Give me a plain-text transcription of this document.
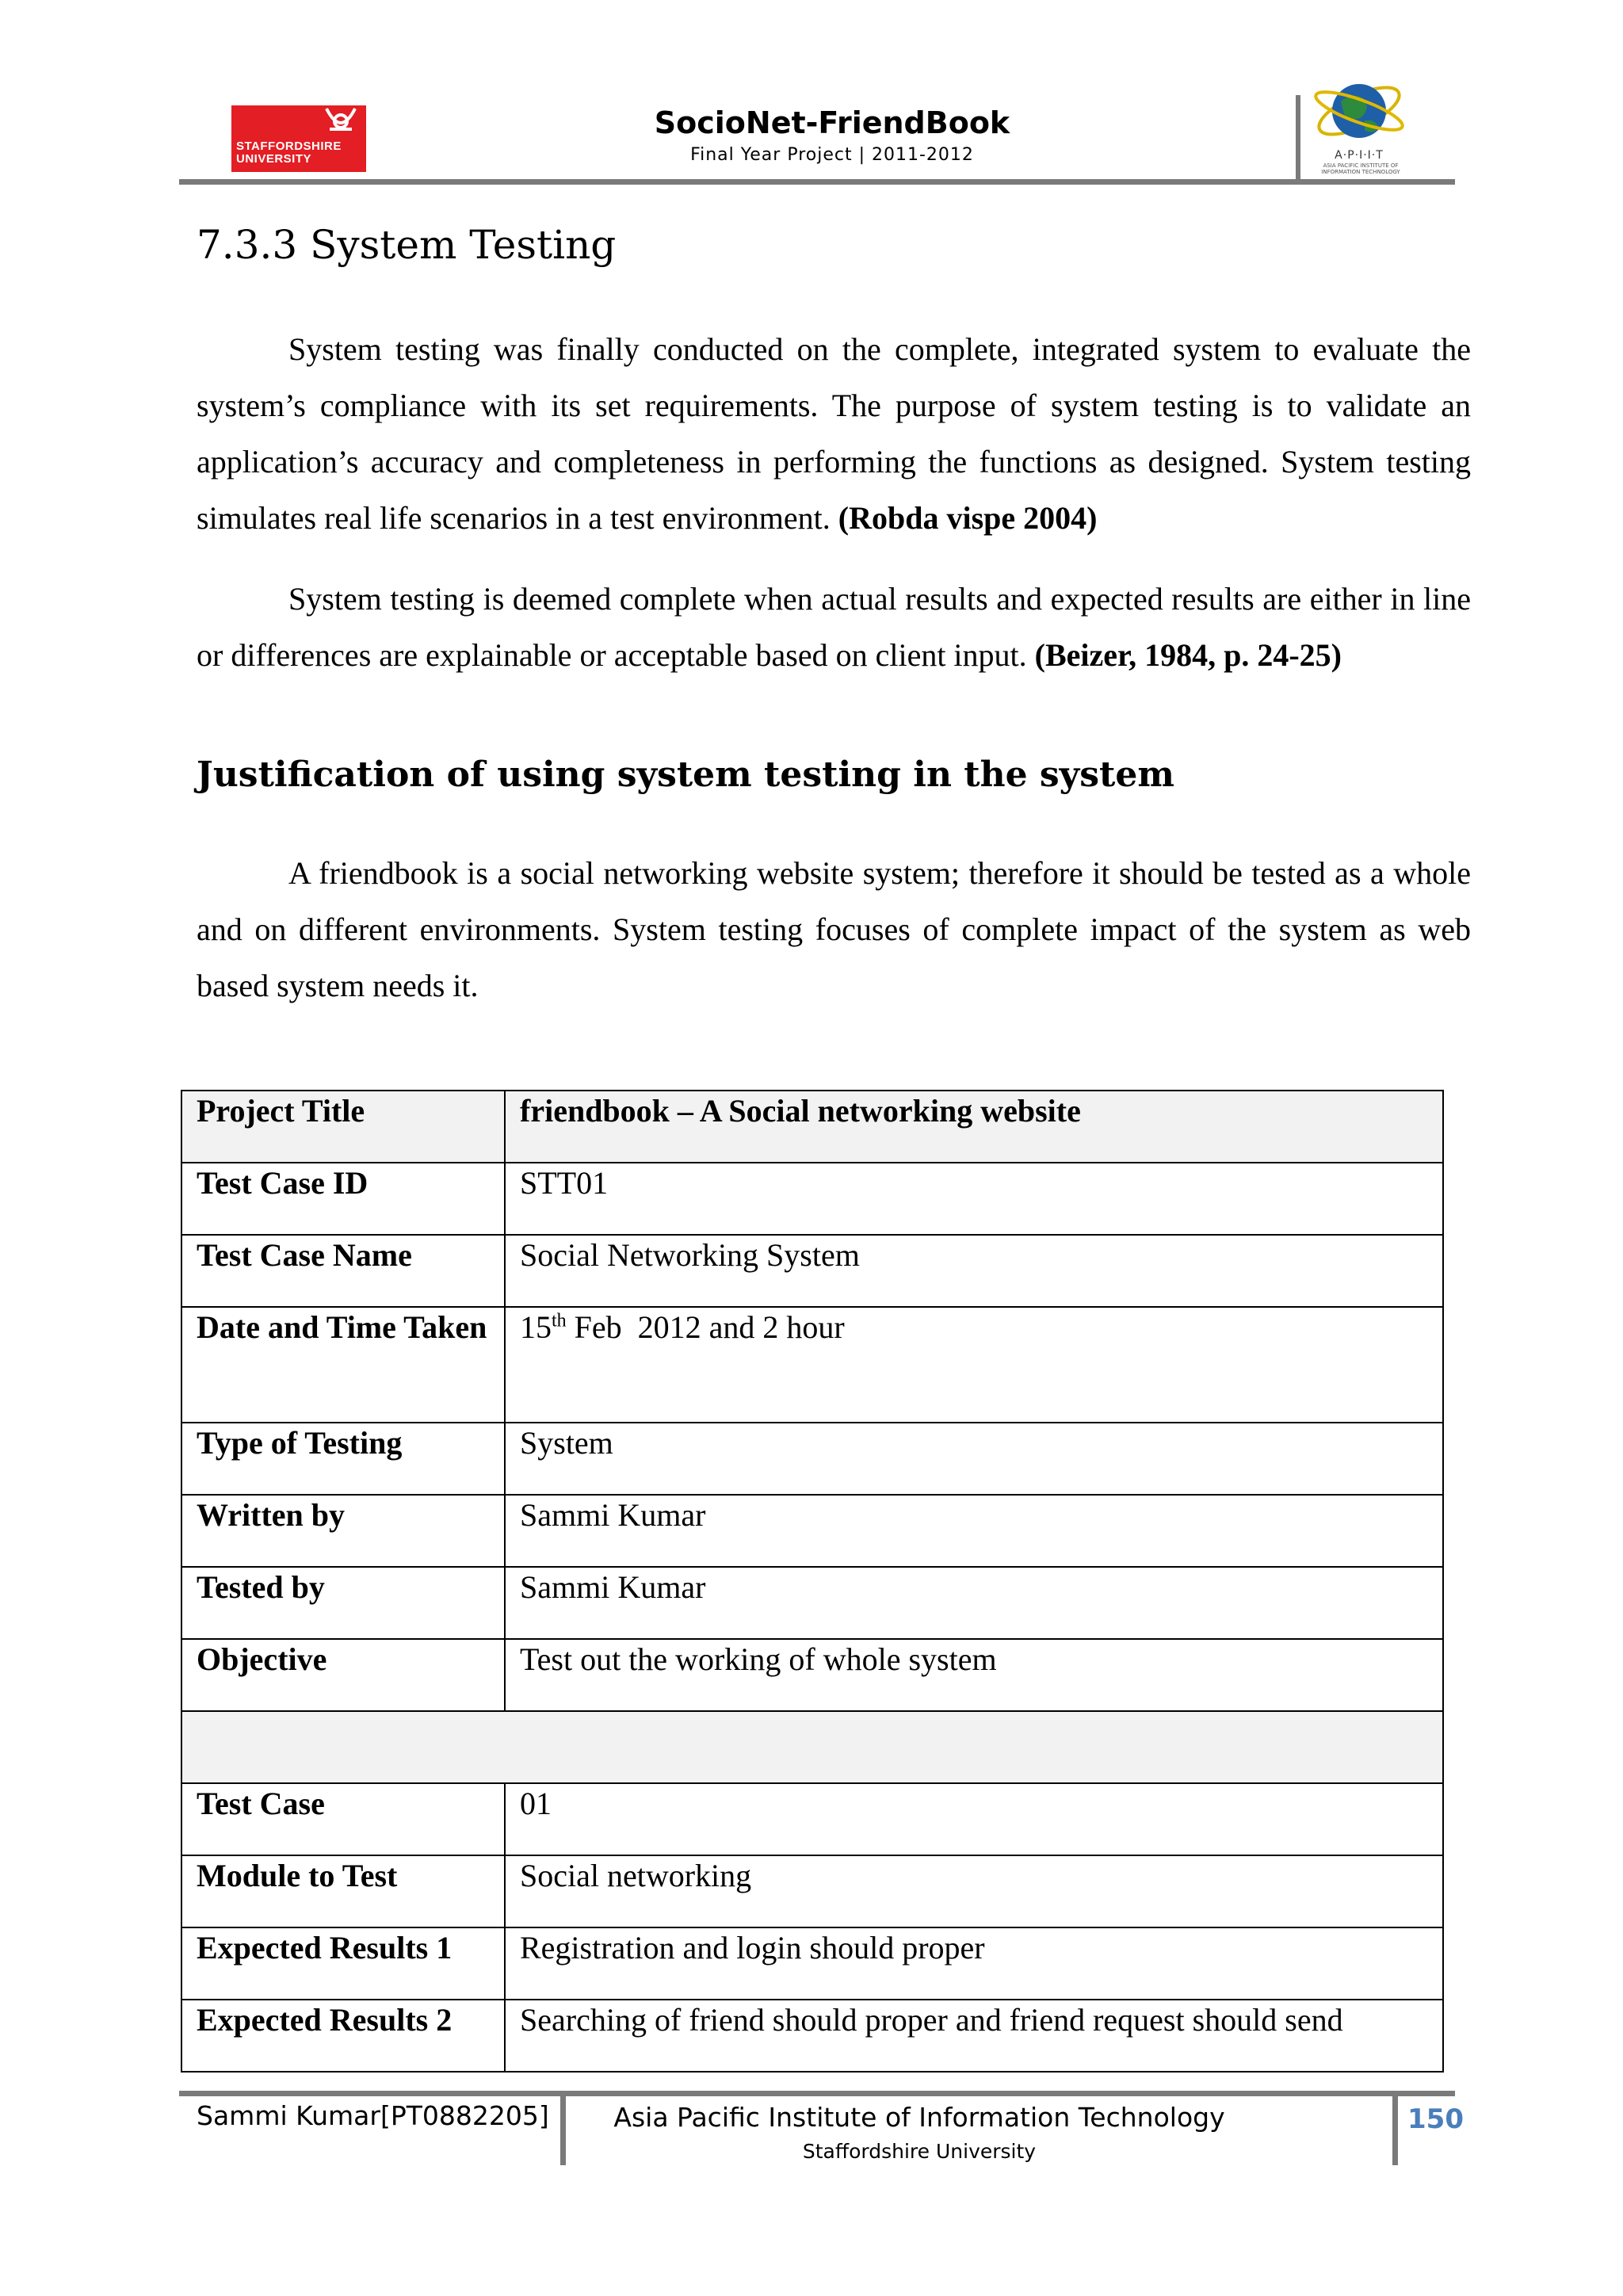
STAFFORDSHIRE UNIVERSITY
SocioNet-FriendBook
Final Year Project | 2011-2012	A·P·I·I·T
ASIA PACIFIC INSTITUTE OF INFORMATION TECHNOLOGY
7.3.3 System Testing
System testing was finally conducted on the complete, integrated system to evaluate the system’s compliance with its set requirements. The purpose of system testing is to validate an application’s accuracy and completeness in performing the functions as designed. System testing simulates real life scenarios in a test environment. (Robda vispe 2004)
System testing is deemed complete when actual results and expected results are either in line or differences are explainable or acceptable based on client input. (Beizer, 1984, p. 24-25)
Justification of using system testing in the system
A friendbook is a social networking website system; therefore it should be tested as a whole and on different environments. System testing focuses of complete impact of the system as web based system needs it.
Project Title	friendbook – A Social networking website
Test Case ID	STT01
Test Case Name	Social Networking System
Date and Time Taken	15th Feb  2012 and 2 hour
Type of Testing	System
Written by	Sammi Kumar
Tested by	Sammi Kumar
Objective	Test out the working of whole system

Test Case	01
Module to Test	Social networking
Expected Results 1	Registration and login should proper
Expected Results 2	Searching of friend should proper and friend request should send
Sammi Kumar[PT0882205]	Asia Pacific Institute of Information Technology
Staffordshire University
150
